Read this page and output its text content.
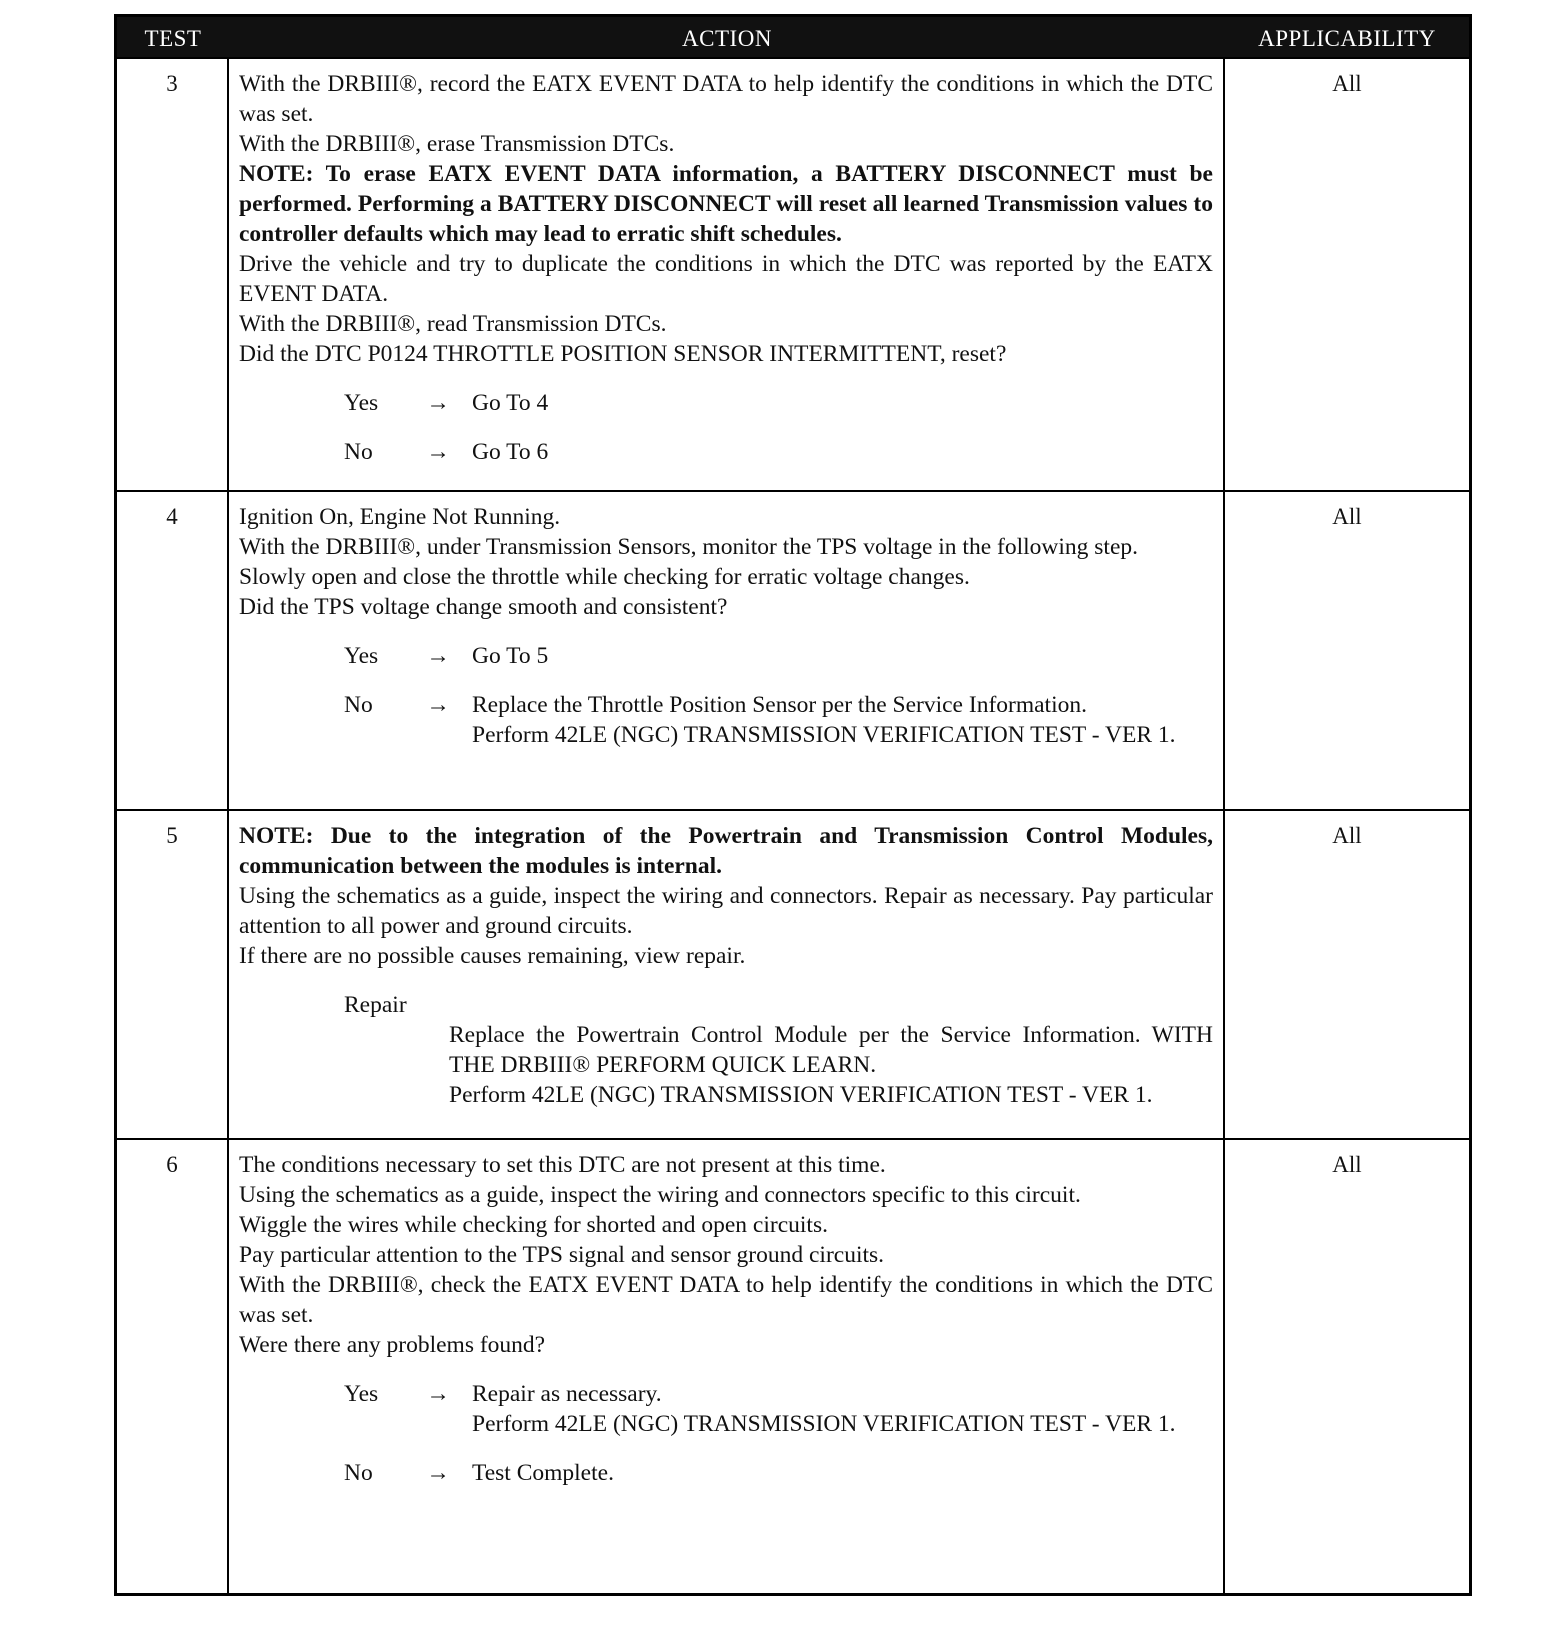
TEST	ACTION	APPLICABILITY
3	With the DRBIII®, record the EATX EVENT DATA to help identify the conditions in which the DTC was set.

With the DRBIII®, erase Transmission DTCs.

NOTE: To erase EATX EVENT DATA information, a BATTERY DISCONNECT must be performed. Performing a BATTERY DISCONNECT will reset all learned Transmission values to controller defaults which may lead to erratic shift schedules.

Drive the vehicle and try to duplicate the conditions in which the DTC was reported by the EATX EVENT DATA.

With the DRBIII®, read Transmission DTCs.

Did the DTC P0124 THROTTLE POSITION SENSOR INTERMITTENT, reset?

Yes	→ Go To 4
No	→ Go To 6
All
4	Ignition On, Engine Not Running.

With the DRBIII®, under Transmission Sensors, monitor the TPS voltage in the following step.

Slowly open and close the throttle while checking for erratic voltage changes.

Did the TPS voltage change smooth and consistent?

Yes	→ Go To 5
No	→ Replace the Throttle Position Sensor per the Service Information.
Perform 42LE (NGC) TRANSMISSION VERIFICATION TEST - VER 1.
All
5	NOTE: Due to the integration of the Powertrain and Transmission Control Modules, communication between the modules is internal.

Using the schematics as a guide, inspect the wiring and connectors. Repair as necessary. Pay particular attention to all power and ground circuits.

If there are no possible causes remaining, view repair.

Repair

Replace the Powertrain Control Module per the Service Information. WITH THE DRBIII® PERFORM QUICK LEARN.

Perform 42LE (NGC) TRANSMISSION VERIFICATION TEST - VER 1.

All
6	The conditions necessary to set this DTC are not present at this time.

Using the schematics as a guide, inspect the wiring and connectors specific to this circuit.

Wiggle the wires while checking for shorted and open circuits.

Pay particular attention to the TPS signal and sensor ground circuits.

With the DRBIII®, check the EATX EVENT DATA to help identify the conditions in which the DTC was set.

Were there any problems found?

Yes	→ Repair as necessary.
Perform 42LE (NGC) TRANSMISSION VERIFICATION TEST - VER 1.
No	→ Test Complete.
All
